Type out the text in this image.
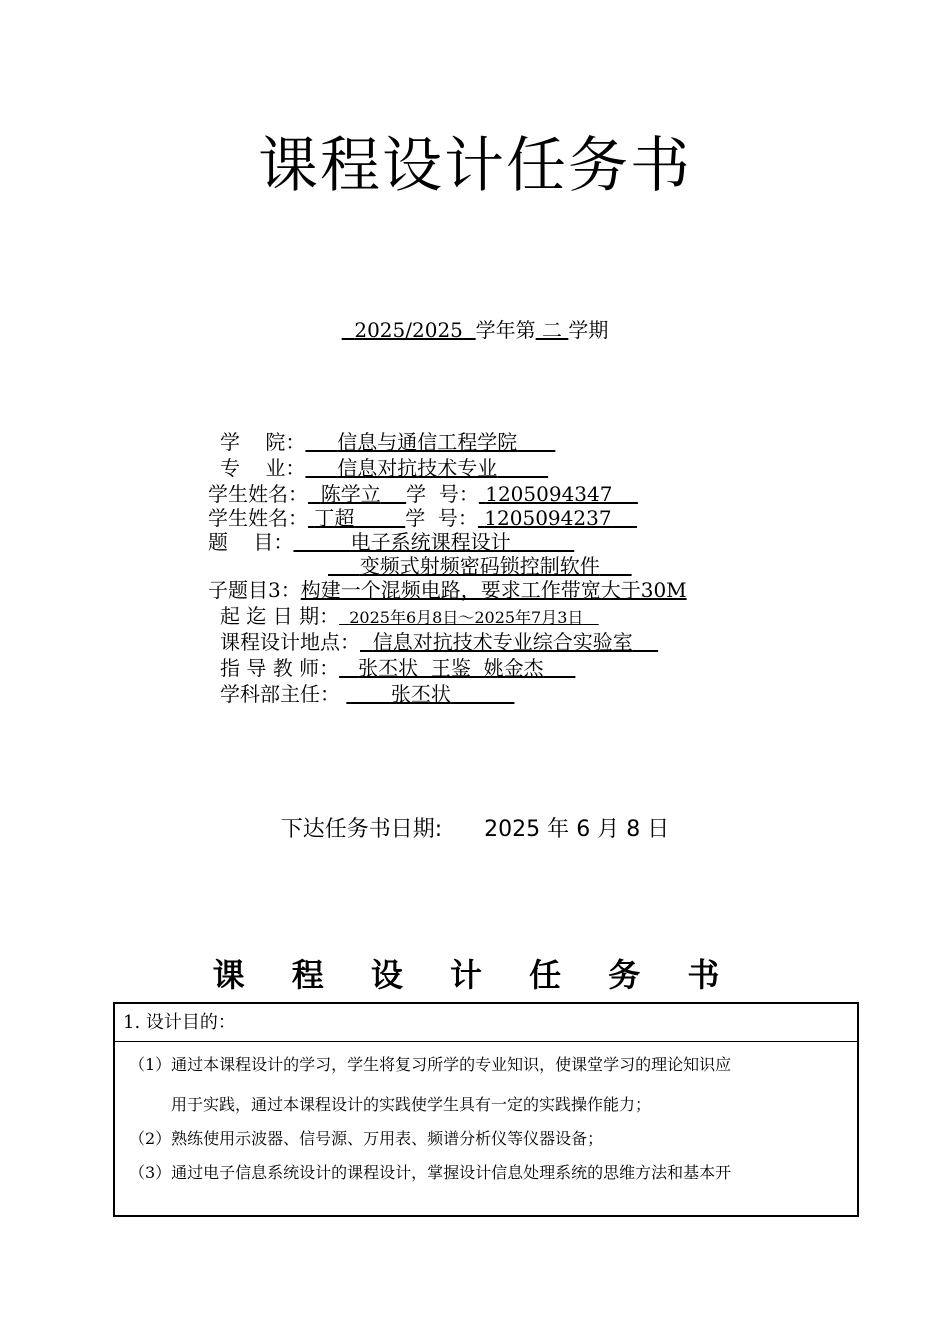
课程设计任务书
2025/2025 学年第 二 学期
学    院： 信息与通信工程学院
专    业： 信息对抗技术专业
学生姓名： 陈学立 学  号： 1205094347
学生姓名： 丁超	学  号： 1205094237
题    目：	电子系统课程设计
变频式射频密码锁控制软件
子题目3：构建一个混频电路，要求工作带宽大于30M
起 迄 日 期： 2025年6月8日～2025年7月3日
课程设计地点： 信息对抗技术专业综合实验室
指 导 教 师： 张丕状  王鉴  姚金杰
学科部主任：	张丕状
下达任务书日期: 2025 年 6 月 8 日
课 程 设 计 任 务 书
1. 设计目的：
（1）通过本课程设计的学习，学生将复习所学的专业知识，使课堂学习的理论知识应
用于实践，通过本课程设计的实践使学生具有一定的实践操作能力；
（2）熟练使用示波器、信号源、万用表、频谱分析仪等仪器设备；
（3）通过电子信息系统设计的课程设计，掌握设计信息处理系统的思维方法和基本开
